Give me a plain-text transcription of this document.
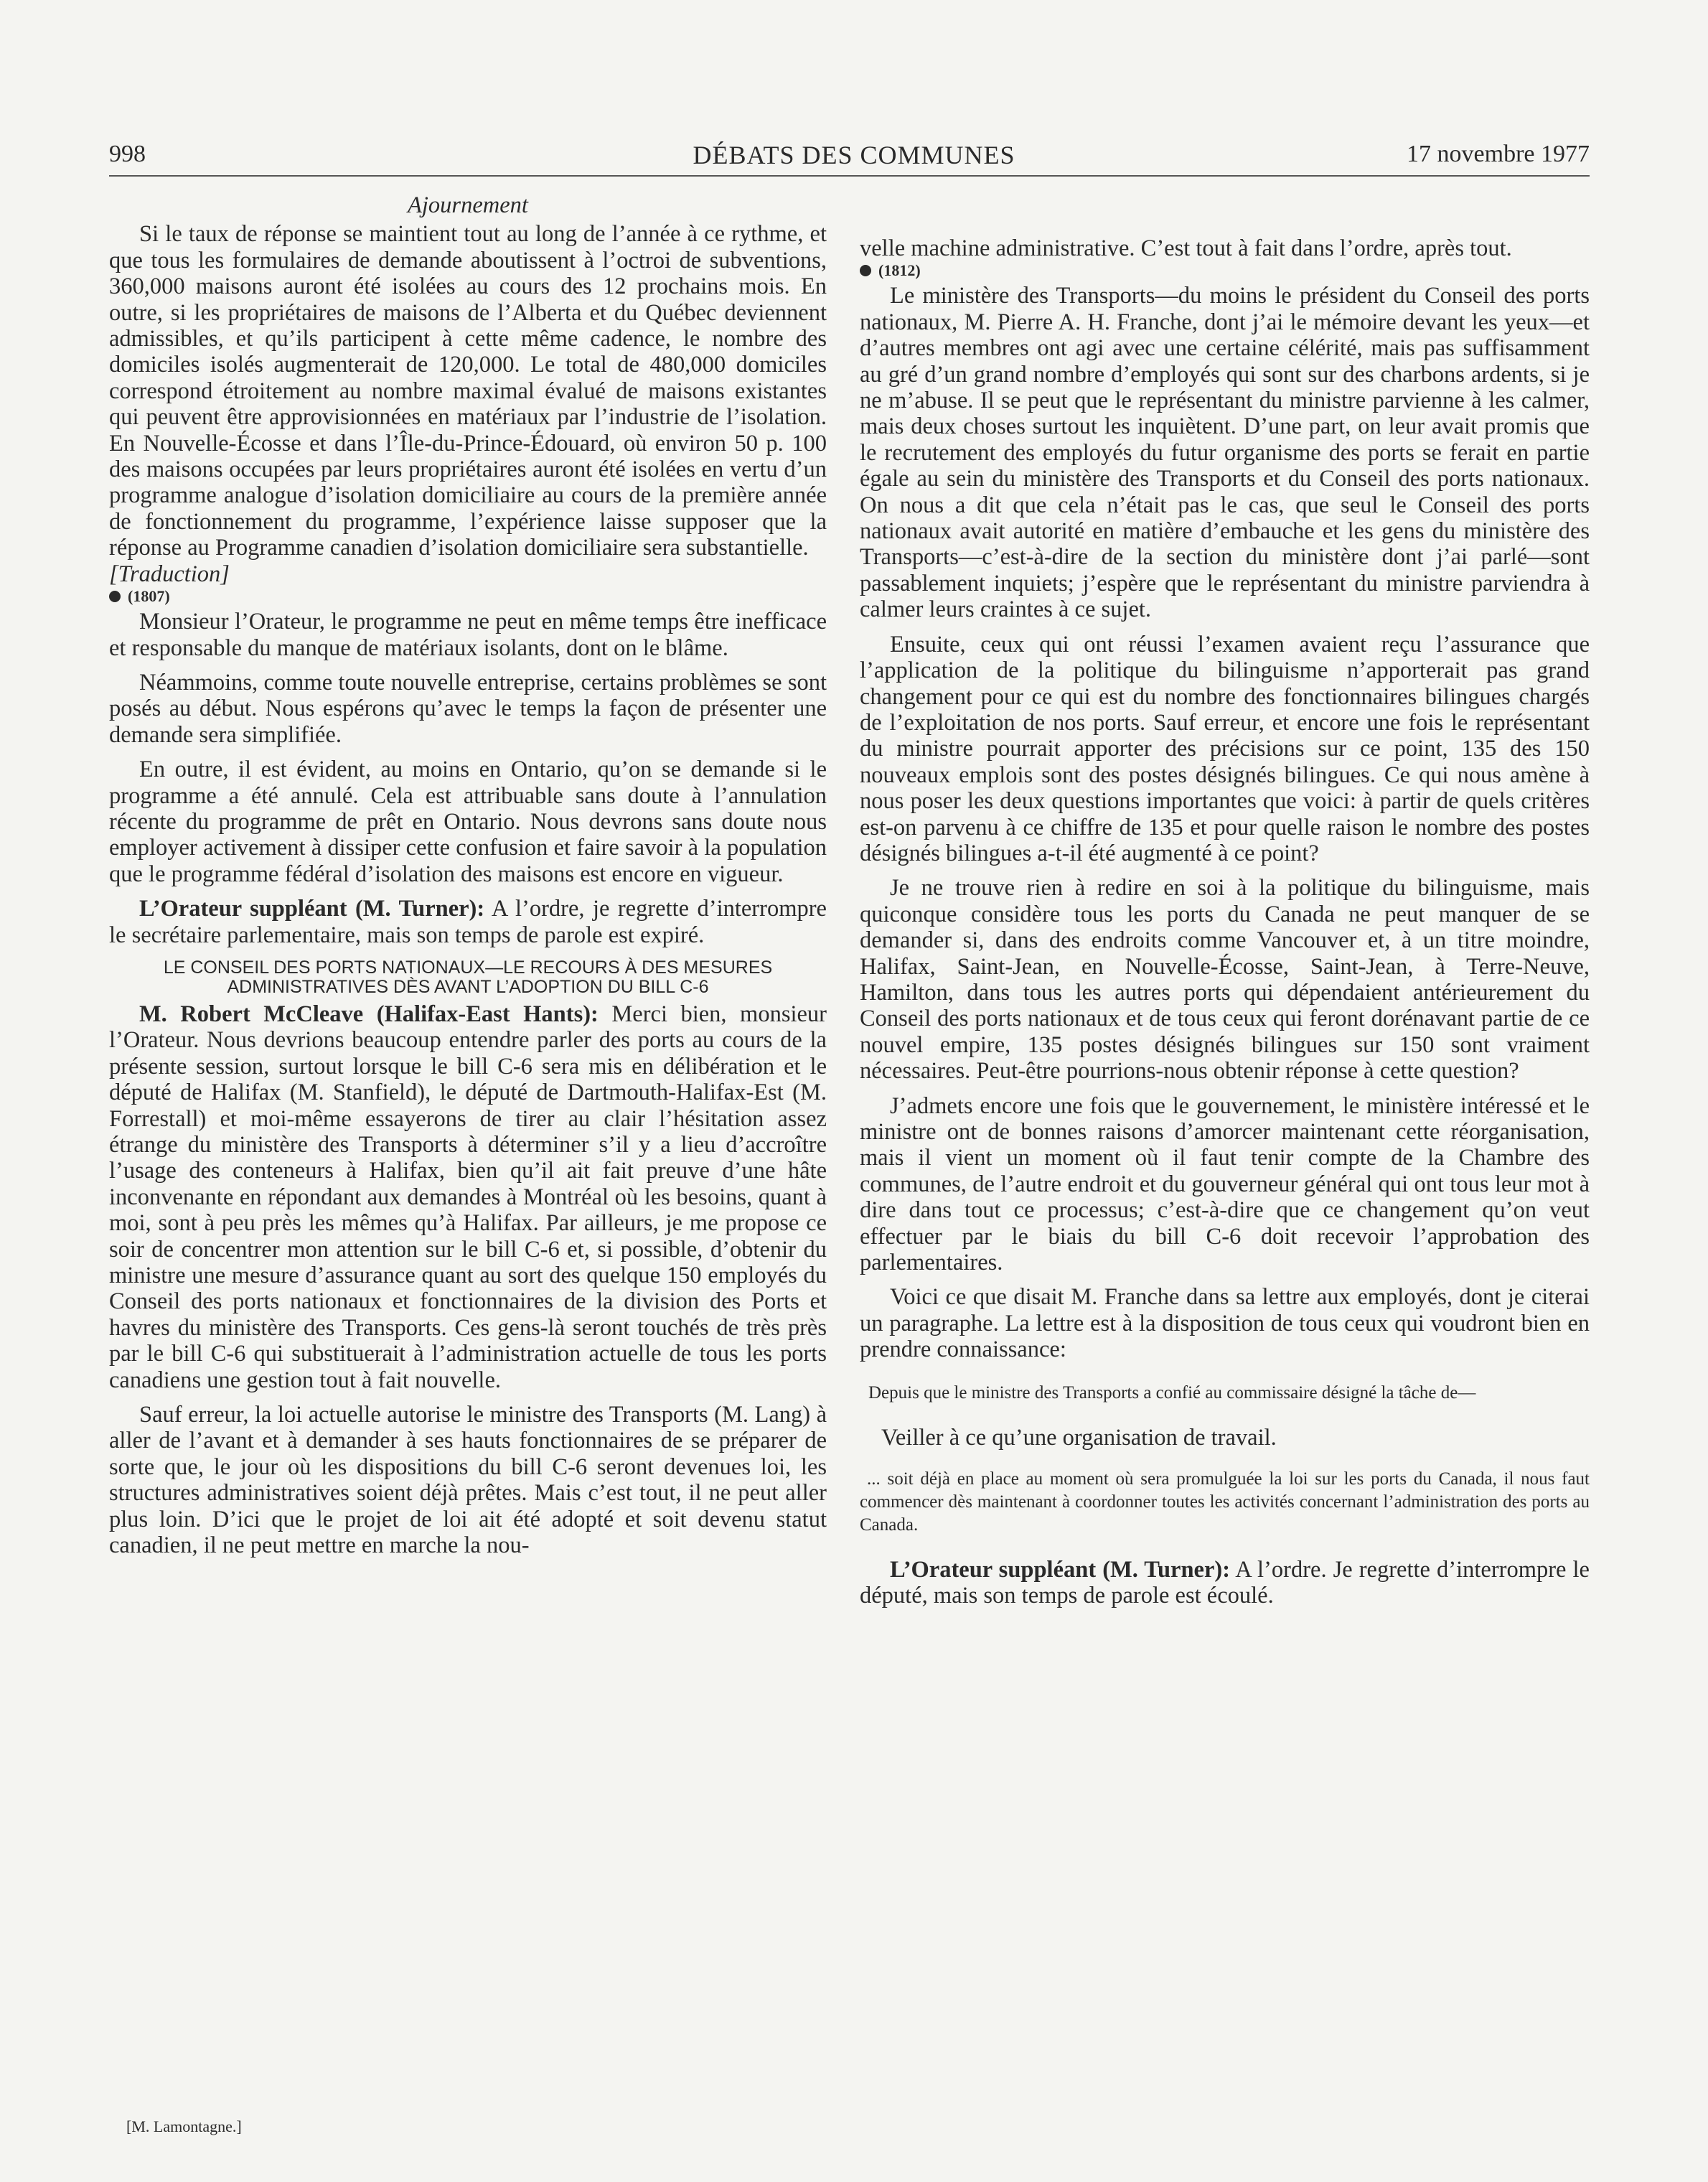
998	DÉBATS DES COMMUNES	17 novembre 1977
Ajournement

Si le taux de réponse se maintient tout au long de l’année à ce rythme, et que tous les formulaires de demande aboutissent à l’octroi de subventions, 360,000 maisons auront été isolées au cours des 12 prochains mois. En outre, si les propriétaires de maisons de l’Alberta et du Québec deviennent admissibles, et qu’ils participent à cette même cadence, le nombre des domiciles isolés augmenterait de 120,000. Le total de 480,000 domiciles correspond étroitement au nombre maximal évalué de maisons existantes qui peuvent être approvisionnées en matériaux par l’industrie de l’isolation. En Nouvelle-Écosse et dans l’Île-du-Prince-Édouard, où environ 50 p. 100 des maisons occupées par leurs propriétaires auront été isolées en vertu d’un programme analogue d’isolation domiciliaire au cours de la première année de fonctionnement du programme, l’expérience laisse supposer que la réponse au Programme canadien d’isolation domiciliaire sera substantielle.

[Traduction]
(1807)

Monsieur l’Orateur, le programme ne peut en même temps être inefficace et responsable du manque de matériaux isolants, dont on le blâme.

Néammoins, comme toute nouvelle entreprise, certains problèmes se sont posés au début. Nous espérons qu’avec le temps la façon de présenter une demande sera simplifiée.

En outre, il est évident, au moins en Ontario, qu’on se demande si le programme a été annulé. Cela est attribuable sans doute à l’annulation récente du programme de prêt en Ontario. Nous devrons sans doute nous employer activement à dissiper cette confusion et faire savoir à la population que le programme fédéral d’isolation des maisons est encore en vigueur.

L’Orateur suppléant (M. Turner): A l’ordre, je regrette d’interrompre le secrétaire parlementaire, mais son temps de parole est expiré.

LE CONSEIL DES PORTS NATIONAUX—LE RECOURS À DES MESURES ADMINISTRATIVES DÈS AVANT L’ADOPTION DU BILL C-6

M. Robert McCleave (Halifax-East Hants): Merci bien, monsieur l’Orateur. Nous devrions beaucoup entendre parler des ports au cours de la présente session, surtout lorsque le bill C-6 sera mis en délibération et le député de Halifax (M. Stanfield), le député de Dartmouth-Halifax-Est (M. Forrestall) et moi-même essayerons de tirer au clair l’hésitation assez étrange du ministère des Transports à déterminer s’il y a lieu d’accroître l’usage des conteneurs à Halifax, bien qu’il ait fait preuve d’une hâte inconvenante en répondant aux demandes à Montréal où les besoins, quant à moi, sont à peu près les mêmes qu’à Halifax. Par ailleurs, je me propose ce soir de concentrer mon attention sur le bill C-6 et, si possible, d’obtenir du ministre une mesure d’assurance quant au sort des quelque 150 employés du Conseil des ports nationaux et fonctionnaires de la division des Ports et havres du ministère des Transports. Ces gens-là seront touchés de très près par le bill C-6 qui substituerait à l’administration actuelle de tous les ports canadiens une gestion tout à fait nouvelle.

Sauf erreur, la loi actuelle autorise le ministre des Transports (M. Lang) à aller de l’avant et à demander à ses hauts fonctionnaires de se préparer de sorte que, le jour où les dispositions du bill C-6 seront devenues loi, les structures administratives soient déjà prêtes. Mais c’est tout, il ne peut aller plus loin. D’ici que le projet de loi ait été adopté et soit devenu statut canadien, il ne peut mettre en marche la nou-

velle machine administrative. C’est tout à fait dans l’ordre, après tout.

(1812)

Le ministère des Transports—du moins le président du Conseil des ports nationaux, M. Pierre A. H. Franche, dont j’ai le mémoire devant les yeux—et d’autres membres ont agi avec une certaine célérité, mais pas suffisamment au gré d’un grand nombre d’employés qui sont sur des charbons ardents, si je ne m’abuse. Il se peut que le représentant du ministre parvienne à les calmer, mais deux choses surtout les inquiètent. D’une part, on leur avait promis que le recrutement des employés du futur organisme des ports se ferait en partie égale au sein du ministère des Transports et du Conseil des ports nationaux. On nous a dit que cela n’était pas le cas, que seul le Conseil des ports nationaux avait autorité en matière d’embauche et les gens du ministère des Transports—c’est-à-dire de la section du ministère dont j’ai parlé—sont passablement inquiets; j’espère que le représentant du ministre parviendra à calmer leurs craintes à ce sujet.

Ensuite, ceux qui ont réussi l’examen avaient reçu l’assurance que l’application de la politique du bilinguisme n’apporterait pas grand changement pour ce qui est du nombre des fonctionnaires bilingues chargés de l’exploitation de nos ports. Sauf erreur, et encore une fois le représentant du ministre pourrait apporter des précisions sur ce point, 135 des 150 nouveaux emplois sont des postes désignés bilingues. Ce qui nous amène à nous poser les deux questions importantes que voici: à partir de quels critères est-on parvenu à ce chiffre de 135 et pour quelle raison le nombre des postes désignés bilingues a-t-il été augmenté à ce point?

Je ne trouve rien à redire en soi à la politique du bilinguisme, mais quiconque considère tous les ports du Canada ne peut manquer de se demander si, dans des endroits comme Vancouver et, à un titre moindre, Halifax, Saint-Jean, en Nouvelle-Écosse, Saint-Jean, à Terre-Neuve, Hamilton, dans tous les autres ports qui dépendaient antérieurement du Conseil des ports nationaux et de tous ceux qui feront dorénavant partie de ce nouvel empire, 135 postes désignés bilingues sur 150 sont vraiment nécessaires. Peut-être pourrions-nous obtenir réponse à cette question?

J’admets encore une fois que le gouvernement, le ministère intéressé et le ministre ont de bonnes raisons d’amorcer maintenant cette réorganisation, mais il vient un moment où il faut tenir compte de la Chambre des communes, de l’autre endroit et du gouverneur général qui ont tous leur mot à dire dans tout ce processus; c’est-à-dire que ce changement qu’on veut effectuer par le biais du bill C-6 doit recevoir l’approbation des parlementaires.

Voici ce que disait M. Franche dans sa lettre aux employés, dont je citerai un paragraphe. La lettre est à la disposition de tous ceux qui voudront bien en prendre connaissance:

Depuis que le ministre des Transports a confié au commissaire désigné la tâche de—
Veiller à ce qu’une organisation de travail.
... soit déjà en place au moment où sera promulguée la loi sur les ports du Canada, il nous faut commencer dès maintenant à coordonner toutes les activités concernant l’administration des ports au Canada.

L’Orateur suppléant (M. Turner): A l’ordre. Je regrette d’interrompre le député, mais son temps de parole est écoulé.

[M. Lamontagne.]
